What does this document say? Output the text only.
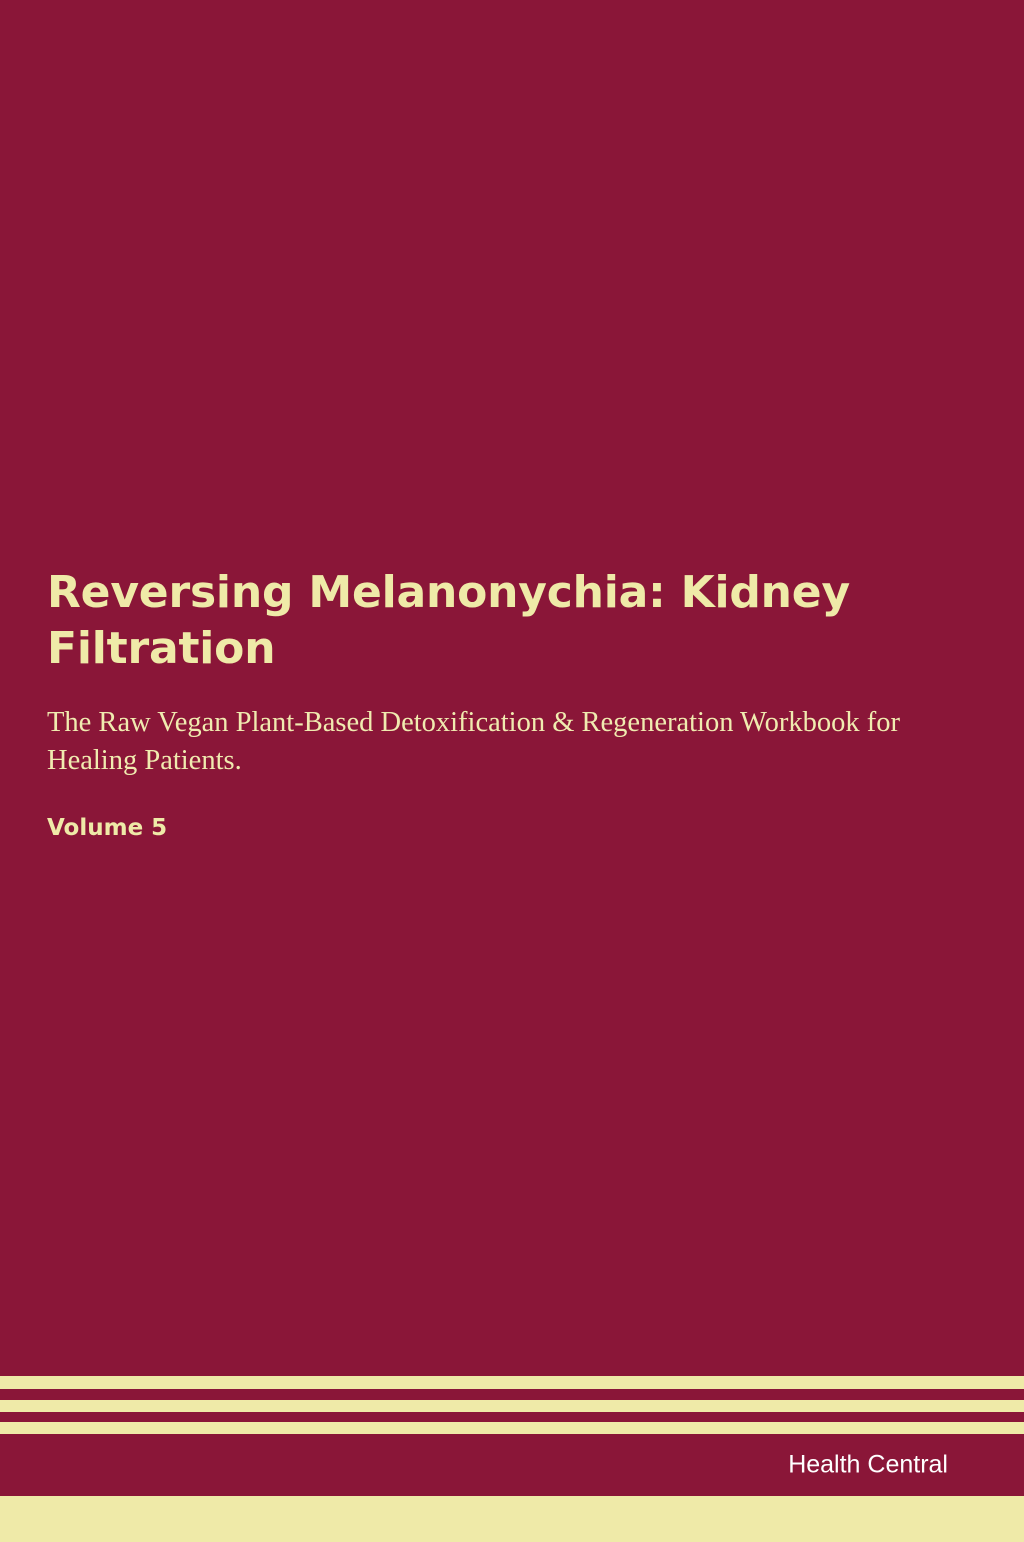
Reversing Melanonychia: Kidney Filtration

The Raw Vegan Plant-Based Detoxification & Regeneration Workbook for Healing Patients.

Volume 5

Health Central
